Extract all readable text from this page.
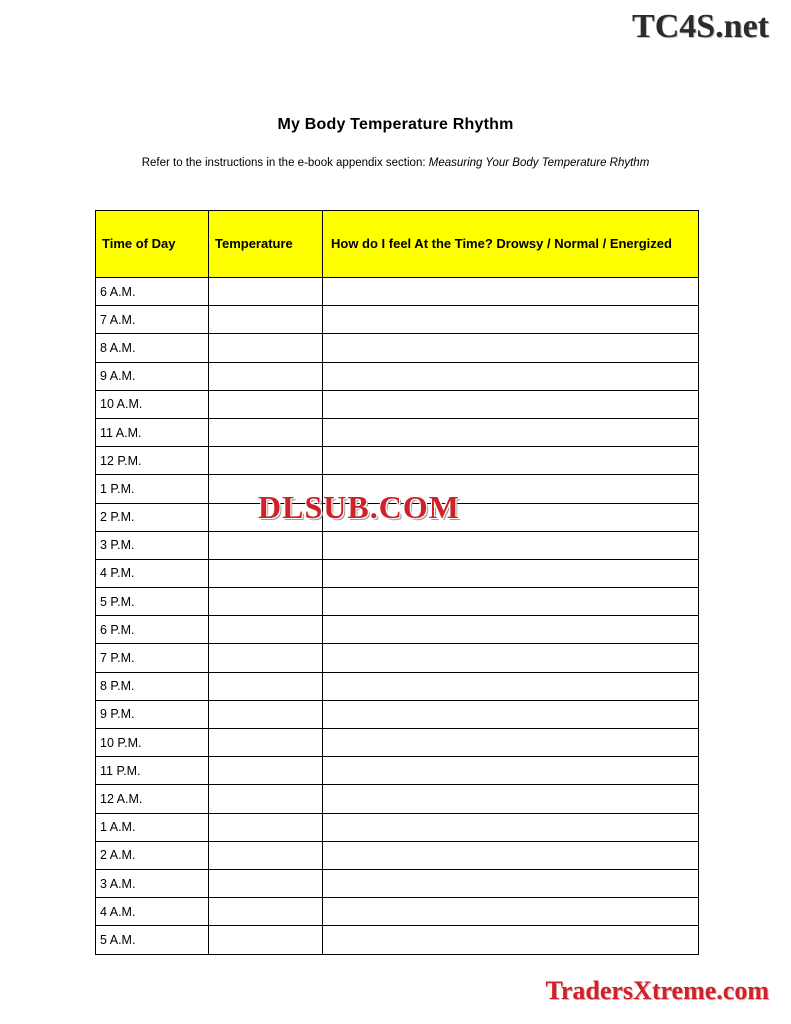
TC4S.net
My Body Temperature Rhythm
Refer to the instructions in the e-book appendix section: Measuring Your Body Temperature Rhythm
Time of Day	Temperature	How do I feel At the Time? Drowsy / Normal / Energized

6 A.M.		
7 A.M.		
8 A.M.		
9 A.M.		
10 A.M.		
11 A.M.		
12 P.M.		
1 P.M.		
2 P.M.		
3 P.M.		
4 P.M.		
5 P.M.		
6 P.M.		
7 P.M.		
8 P.M.		
9 P.M.		
10 P.M.		
11 P.M.		
12 A.M.		
1 A.M.		
2 A.M.		
3 A.M.		
4 A.M.		
5 A.M.		
DLSUB.COM
TradersXtreme.com
